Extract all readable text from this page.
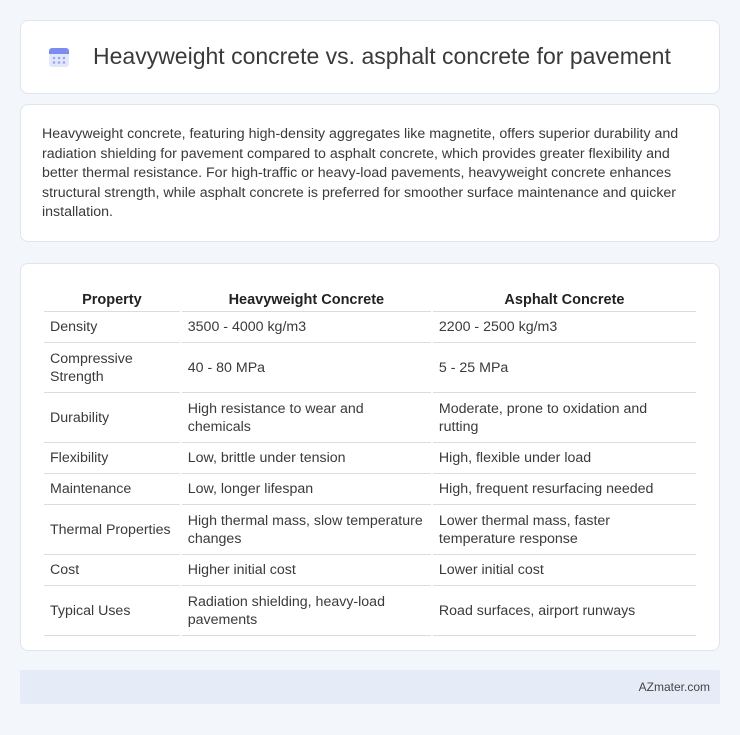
Heavyweight concrete vs. asphalt concrete for pavement

Heavyweight concrete, featuring high-density aggregates like magnetite, offers superior durability and radiation shielding for pavement compared to asphalt concrete, which provides greater flexibility and better thermal resistance. For high-traffic or heavy-load pavements, heavyweight concrete enhances structural strength, while asphalt concrete is preferred for smoother surface maintenance and quicker installation.

Property	Heavyweight Concrete	Asphalt Concrete
Density	3500 - 4000 kg/m3	2200 - 2500 kg/m3
Compressive Strength	40 - 80 MPa	5 - 25 MPa
Durability	High resistance to wear and chemicals	Moderate, prone to oxidation and rutting
Flexibility	Low, brittle under tension	High, flexible under load
Maintenance	Low, longer lifespan	High, frequent resurfacing needed
Thermal Properties	High thermal mass, slow temperature changes	Lower thermal mass, faster temperature response
Cost	Higher initial cost	Lower initial cost
Typical Uses	Radiation shielding, heavy-load pavements	Road surfaces, airport runways
AZmater.com
